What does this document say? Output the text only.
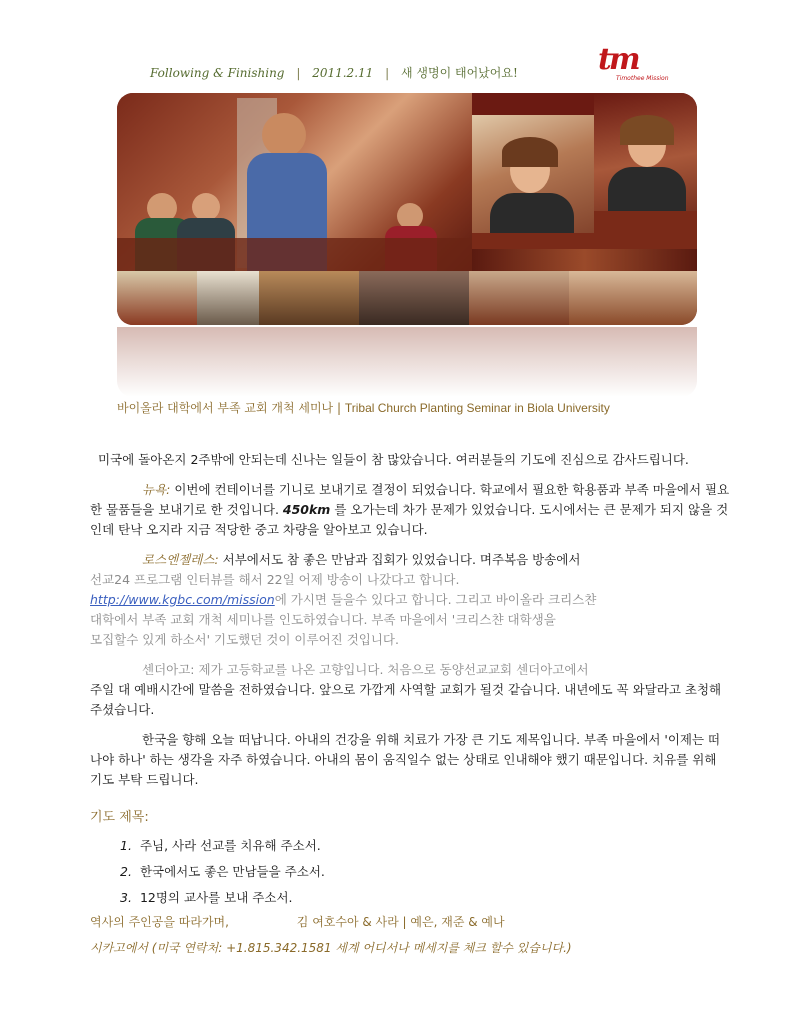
Following & Finishing | 2011.2.11 | 새 생명이 태어났어요!	tm
Timothee Mission
바이올라 대학에서 부족 교회 개척 세미나 | Tribal Church Planting Seminar in Biola University

미국에 돌아온지 2주밖에 안되는데 신나는 일들이 참 많았습니다. 여러분들의 기도에 진심으로 감사드립니다.

뉴욕: 이번에 컨테이너를 기니로 보내기로 결정이 되었습니다. 학교에서 필요한 학용품과 부족 마을에서 필요한 물품들을 보내기로 한 것입니다. 450km 를 오가는데 차가 문제가 있었습니다. 도시에서는 큰 문제가 되지 않을 것인데 탄낙 오지라 지금 적당한 중고 차량을 알아보고 있습니다.

로스엔젤레스: 서부에서도 참 좋은 만남과 집회가 있었습니다. 며주복음 방송에서
선교24 프로그램 인터뷰를 해서 22일 어제 방송이 나갔다고 합니다.
http://www.kgbc.com/mission에 가시면 들을수 있다고 합니다. 그리고 바이올라 크리스챤
대학에서 부족 교회 개척 세미나를 인도하였습니다. 부족 마을에서 '크리스챤 대학생을
모집할수 있게 하소서' 기도했던 것이 이루어진 것입니다.

센더아고: 제가 고등학교를 나온 고향입니다. 처음으로 동양선교교회 센더아고에서
주일 대 예배시간에 말씀을 전하였습니다. 앞으로 가깝게 사역할 교회가 될것 같습니다. 내년에도 꼭 와달라고 초청해 주셨습니다.

한국을 향해 오늘 떠납니다. 아내의 건강을 위해 치료가 가장 큰 기도 제목입니다. 부족 마을에서 '이제는 떠나야 하나' 하는 생각을 자주 하였습니다. 아내의 몸이 움직일수 없는 상태로 인내해야 했기 때문입니다. 치유를 위해 기도 부탁 드립니다.

기도 제목:
1. 주님, 사라 선교를 치유해 주소서.
2. 한국에서도 좋은 만남들을 주소서.
3. 12명의 교사를 보내 주소서.
역사의 주인공을 따라가며,	김 여호수아 & 사라 | 예은, 재준 & 예나
시카고에서 (미국 연락처: +1.815.342.1581 세계 어디서나 메세지를 체크 할수 있습니다.)
